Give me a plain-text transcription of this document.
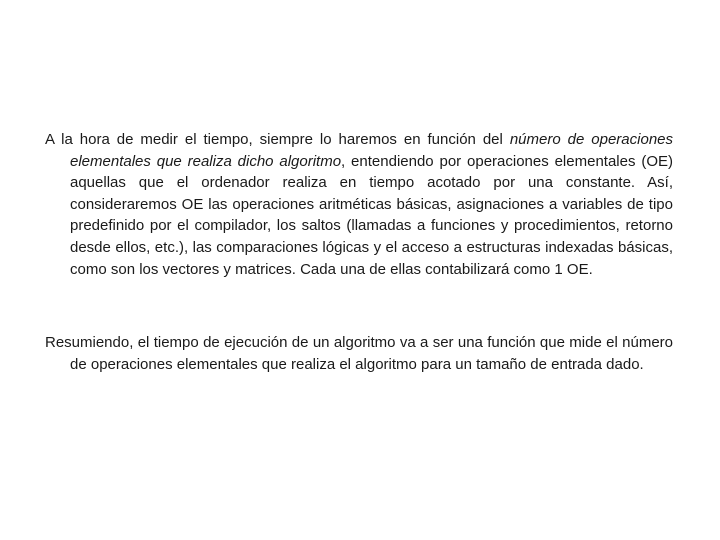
A la hora de medir el tiempo, siempre lo haremos en función del número de operaciones elementales que realiza dicho algoritmo, entendiendo por operaciones elementales (OE) aquellas que el ordenador realiza en tiempo acotado por una constante. Así, consideraremos OE las operaciones aritméticas básicas, asignaciones a variables de tipo predefinido por el compilador, los saltos (llamadas a funciones y procedimientos, retorno desde ellos, etc.), las comparaciones lógicas y el acceso a estructuras indexadas básicas, como son los vectores y matrices. Cada una de ellas contabilizará como 1 OE.

Resumiendo, el tiempo de ejecución de un algoritmo va a ser una función que mide el número de operaciones elementales que realiza el algoritmo para un tamaño de entrada dado.
